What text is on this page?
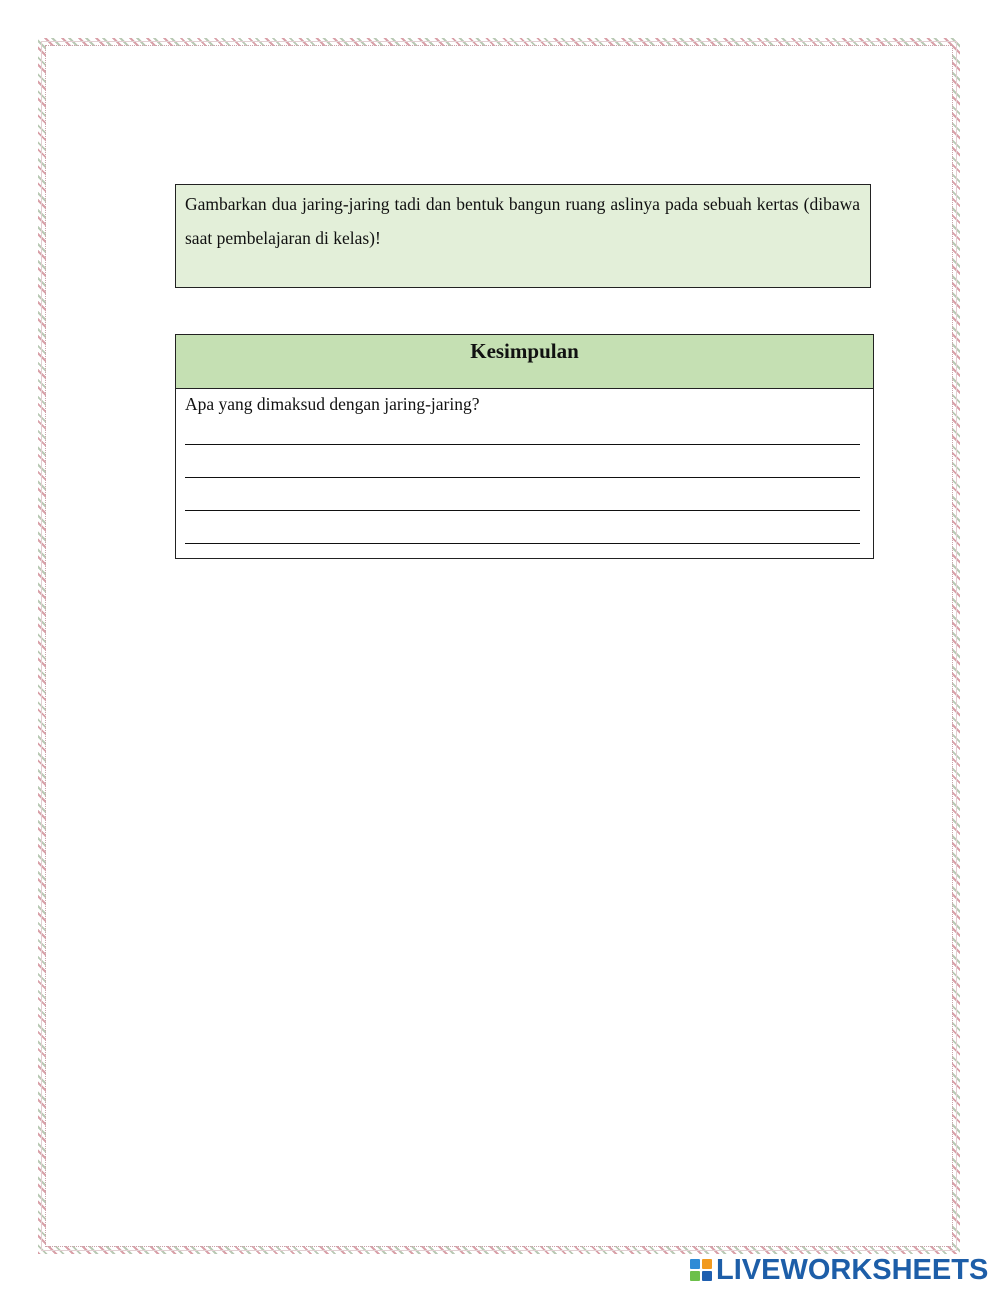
Gambarkan dua jaring-jaring tadi dan bentuk bangun ruang aslinya pada sebuah kertas (dibawa saat pembelajaran di kelas)!

Kesimpulan
Apa yang dimaksud dengan jaring-jaring?
LIVEWORKSHEETS
